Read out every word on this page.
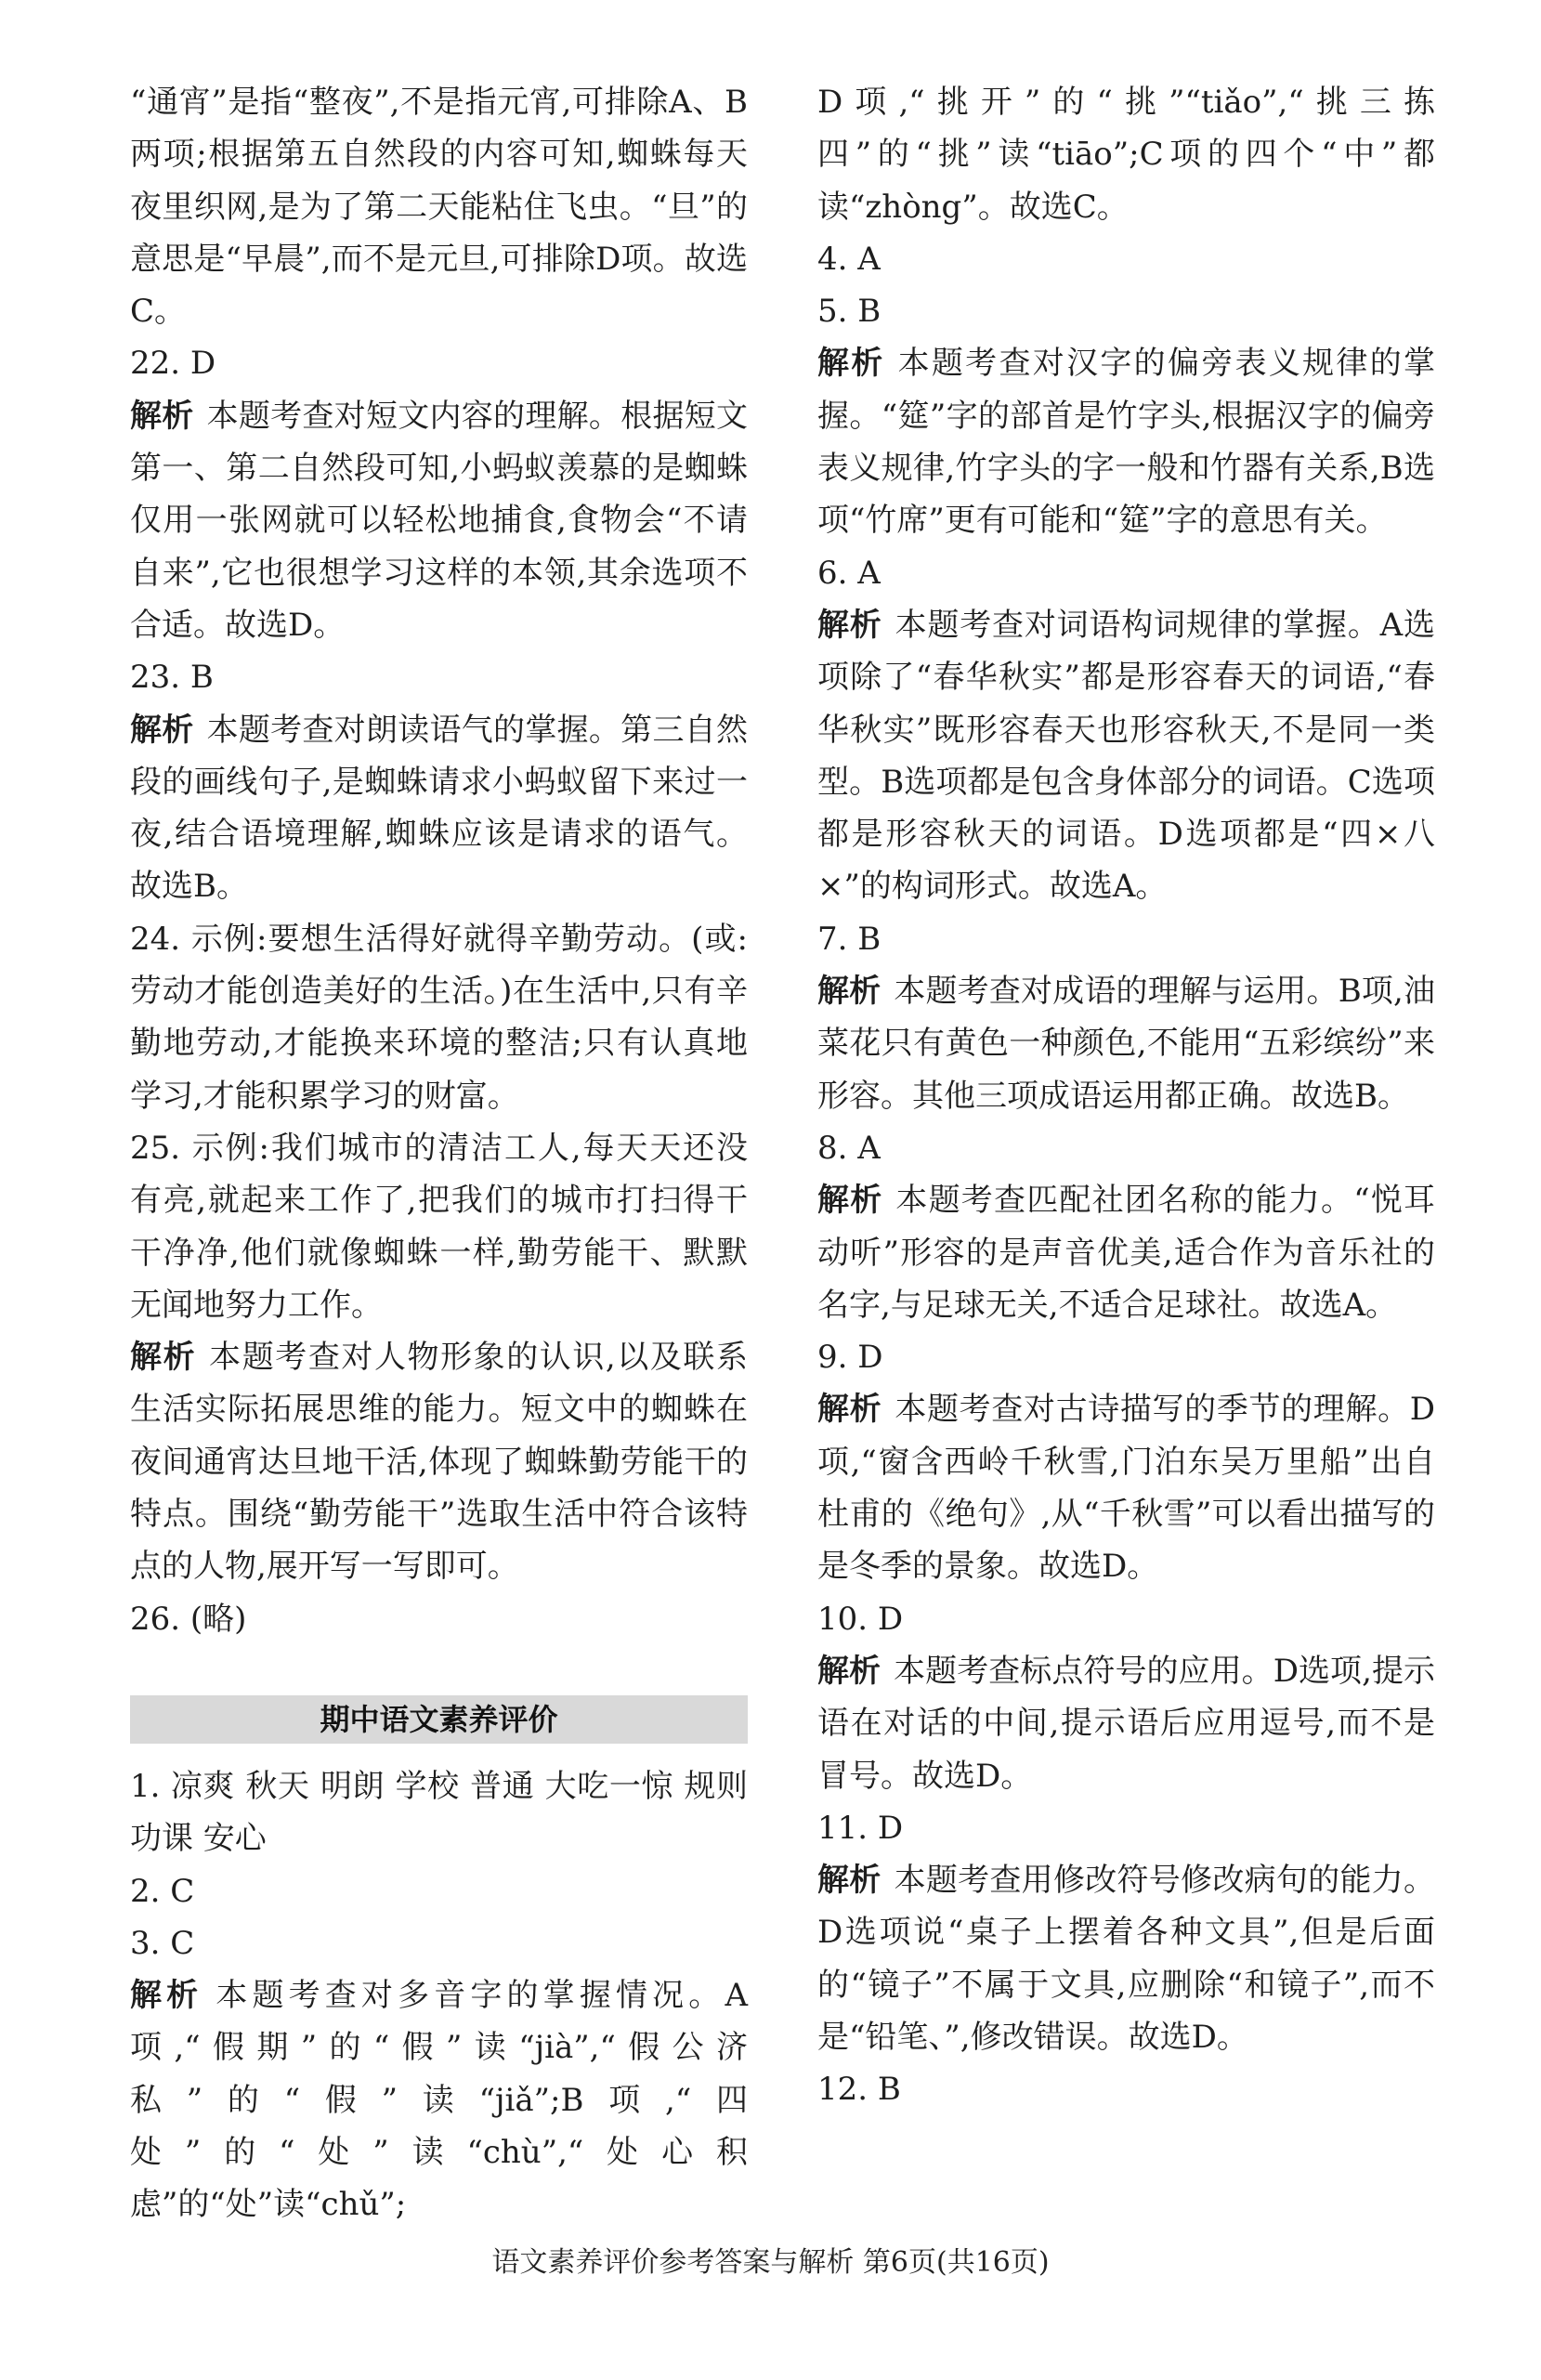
“通宵”是指“整夜”,不是指元宵,可排除A、B两项;根据第五自然段的内容可知,蜘蛛每天夜里织网,是为了第二天能粘住飞虫。“旦”的意思是“早晨”,而不是元旦,可排除D项。故选C。

22. D

解析 本题考查对短文内容的理解。根据短文第一、第二自然段可知,小蚂蚁羡慕的是蜘蛛仅用一张网就可以轻松地捕食,食物会“不请自来”,它也很想学习这样的本领,其余选项不合适。故选D。

23. B

解析 本题考查对朗读语气的掌握。第三自然段的画线句子,是蜘蛛请求小蚂蚁留下来过一夜,结合语境理解,蜘蛛应该是请求的语气。故选B。

24. 示例:要想生活得好就得辛勤劳动。(或:劳动才能创造美好的生活。)在生活中,只有辛勤地劳动,才能换来环境的整洁;只有认真地学习,才能积累学习的财富。

25. 示例:我们城市的清洁工人,每天天还没有亮,就起来工作了,把我们的城市打扫得干干净净,他们就像蜘蛛一样,勤劳能干、默默无闻地努力工作。

解析 本题考查对人物形象的认识,以及联系生活实际拓展思维的能力。短文中的蜘蛛在夜间通宵达旦地干活,体现了蜘蛛勤劳能干的特点。围绕“勤劳能干”选取生活中符合该特点的人物,展开写一写即可。

26. (略)

期中语文素养评价

1. 凉爽 秋天 明朗 学校 普通 大吃一惊 规则 功课 安心

2. C

3. C

解析 本题考查对多音字的掌握情况。A项,“假期”的“假”读“jià”,“假公济私”的“假”读“jiǎ”;B项,“四处”的“处”读“chù”,“处心积虑”的“处”读“chǔ”;

D项,“挑开”的“挑”“tiǎo”,“挑三拣四”的“挑”读“tiāo”;C项的四个“中”都读“zhòng”。故选C。

4. A

5. B

解析 本题考查对汉字的偏旁表义规律的掌握。“筵”字的部首是竹字头,根据汉字的偏旁表义规律,竹字头的字一般和竹器有关系,B选项“竹席”更有可能和“筵”字的意思有关。

6. A

解析 本题考查对词语构词规律的掌握。A选项除了“春华秋实”都是形容春天的词语,“春华秋实”既形容春天也形容秋天,不是同一类型。B选项都是包含身体部分的词语。C选项都是形容秋天的词语。D选项都是“四×八×”的构词形式。故选A。

7. B

解析 本题考查对成语的理解与运用。B项,油菜花只有黄色一种颜色,不能用“五彩缤纷”来形容。其他三项成语运用都正确。故选B。

8. A

解析 本题考查匹配社团名称的能力。“悦耳动听”形容的是声音优美,适合作为音乐社的名字,与足球无关,不适合足球社。故选A。

9. D

解析 本题考查对古诗描写的季节的理解。D项,“窗含西岭千秋雪,门泊东吴万里船”出自杜甫的《绝句》,从“千秋雪”可以看出描写的是冬季的景象。故选D。

10. D

解析 本题考查标点符号的应用。D选项,提示语在对话的中间,提示语后应用逗号,而不是冒号。故选D。

11. D

解析 本题考查用修改符号修改病句的能力。D选项说“桌子上摆着各种文具”,但是后面的“镜子”不属于文具,应删除“和镜子”,而不是“铅笔、”,修改错误。故选D。

12. B

语文素养评价参考答案与解析 第6页(共16页)
